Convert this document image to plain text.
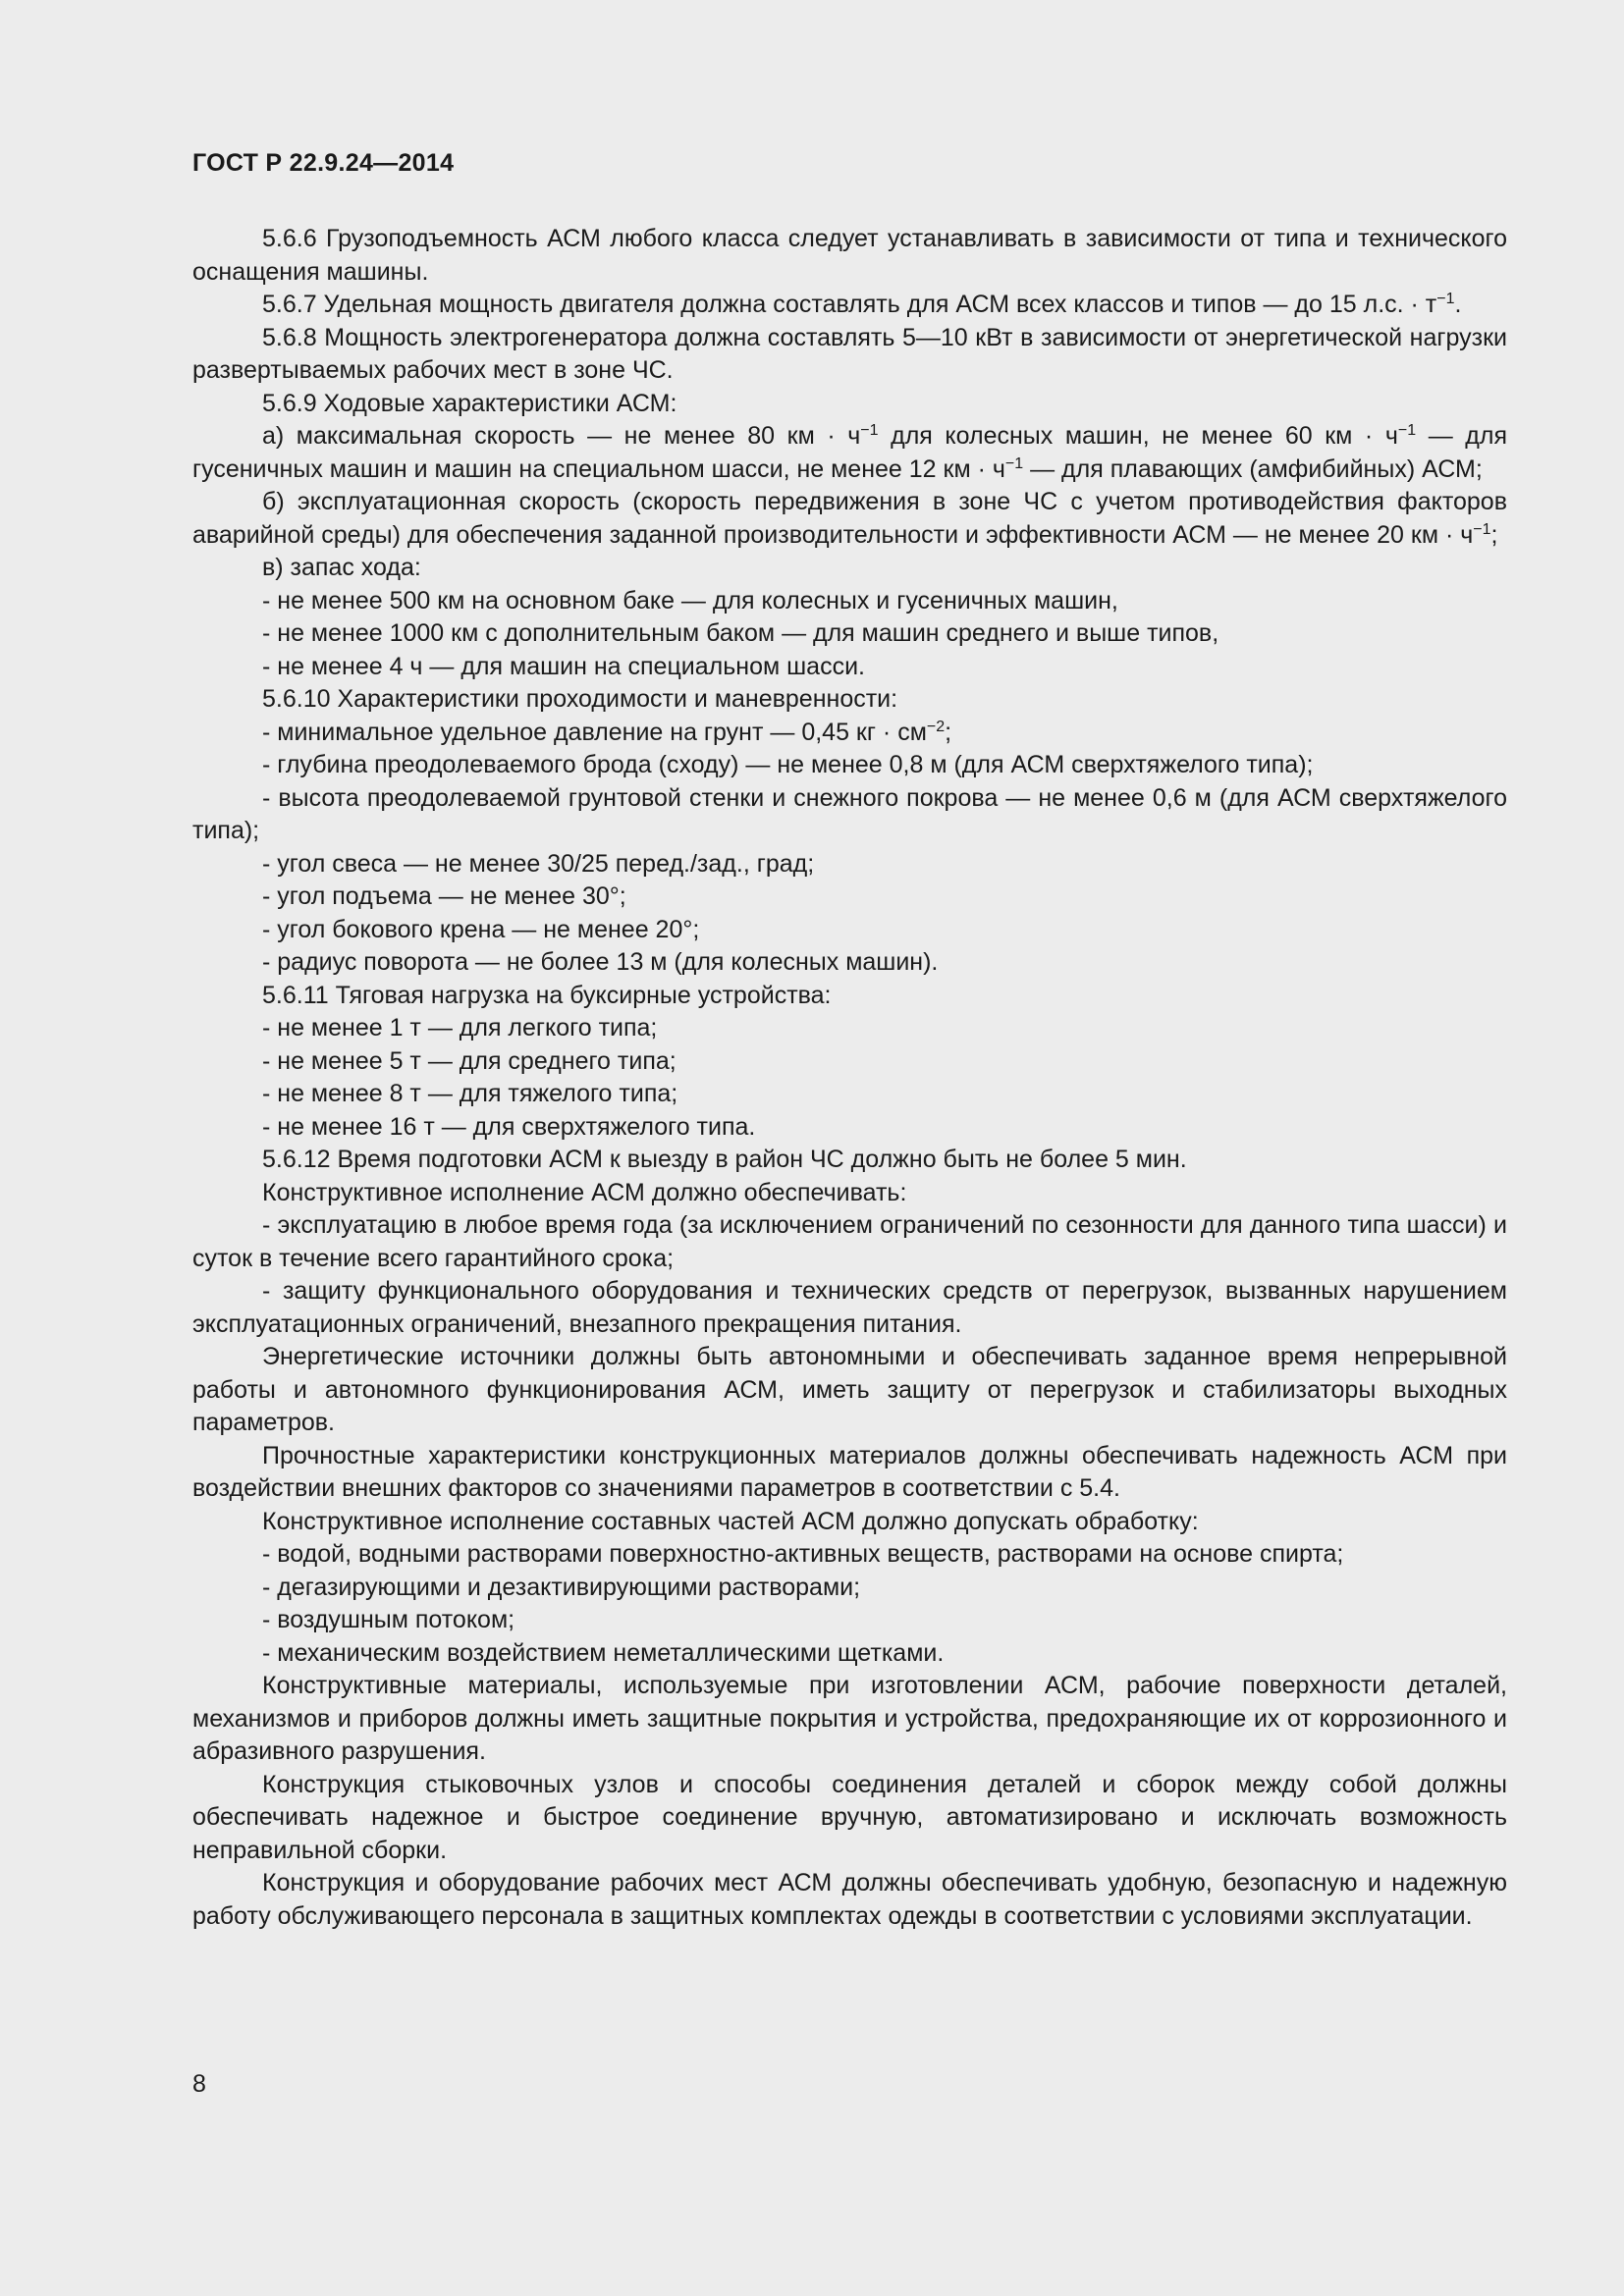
ГОСТ Р 22.9.24—2014

5.6.6 Грузоподъемность АСМ любого класса следует устанавливать в зависимости от типа и технического оснащения машины.

5.6.7 Удельная мощность двигателя должна составлять для АСМ всех классов и типов — до 15 л.с. · $т^{-1}$.

5.6.8 Мощность электрогенератора должна составлять 5—10 кВт в зависимости от энергетической нагрузки развертываемых рабочих мест в зоне ЧС.

5.6.9 Ходовые характеристики АСМ:

а) максимальная скорость — не менее 80 км · $ч^{-1}$ для колесных машин, не менее 60 км · $ч^{-1}$ — для гусеничных машин и машин на специальном шасси, не менее 12 км · $ч^{-1}$ — для плавающих (амфибийных) АСМ;

б) эксплуатационная скорость (скорость передвижения в зоне ЧС с учетом противодействия факторов аварийной среды) для обеспечения заданной производительности и эффективности АСМ — не менее 20 км · $ч^{-1}$;

в) запас хода:

- не менее 500 км на основном баке — для колесных и гусеничных машин,

- не менее 1000 км с дополнительным баком — для машин среднего и выше типов,

- не менее 4 ч — для машин на специальном шасси.

5.6.10 Характеристики проходимости и маневренности:

- минимальное удельное давление на грунт — 0,45 кг · $см^{-2}$;

- глубина преодолеваемого брода (сходу) — не менее 0,8 м (для АСМ сверхтяжелого типа);

- высота преодолеваемой грунтовой стенки и снежного покрова — не менее 0,6 м (для АСМ сверхтяжелого типа);

- угол свеса — не менее 30/25 перед./зад., град;

- угол подъема — не менее 30°;

- угол бокового крена — не менее 20°;

- радиус поворота — не более 13 м (для колесных машин).

5.6.11 Тяговая нагрузка на буксирные устройства:

- не менее 1 т — для легкого типа;

- не менее 5 т — для среднего типа;

- не менее 8 т — для тяжелого типа;

- не менее 16 т — для сверхтяжелого типа.

5.6.12 Время подготовки АСМ к выезду в район ЧС должно быть не более 5 мин.

Конструктивное исполнение АСМ должно обеспечивать:

- эксплуатацию в любое время года (за исключением ограничений по сезонности для данного типа шасси) и суток в течение всего гарантийного срока;

- защиту функционального оборудования и технических средств от перегрузок, вызванных нарушением эксплуатационных ограничений, внезапного прекращения питания.

Энергетические источники должны быть автономными и обеспечивать заданное время непрерывной работы и автономного функционирования АСМ, иметь защиту от перегрузок и стабилизаторы выходных параметров.

Прочностные характеристики конструкционных материалов должны обеспечивать надежность АСМ при воздействии внешних факторов со значениями параметров в соответствии с 5.4.

Конструктивное исполнение составных частей АСМ должно допускать обработку:

- водой, водными растворами поверхностно-активных веществ, растворами на основе спирта;

- дегазирующими и дезактивирующими растворами;

- воздушным потоком;

- механическим воздействием неметаллическими щетками.

Конструктивные материалы, используемые при изготовлении АСМ, рабочие поверхности деталей, механизмов и приборов должны иметь защитные покрытия и устройства, предохраняющие их от коррозионного и абразивного разрушения.

Конструкция стыковочных узлов и способы соединения деталей и сборок между собой должны обеспечивать надежное и быстрое соединение вручную, автоматизировано и исключать возможность неправильной сборки.

Конструкция и оборудование рабочих мест АСМ должны обеспечивать удобную, безопасную и надежную работу обслуживающего персонала в защитных комплектах одежды в соответствии с условиями эксплуатации.

8
